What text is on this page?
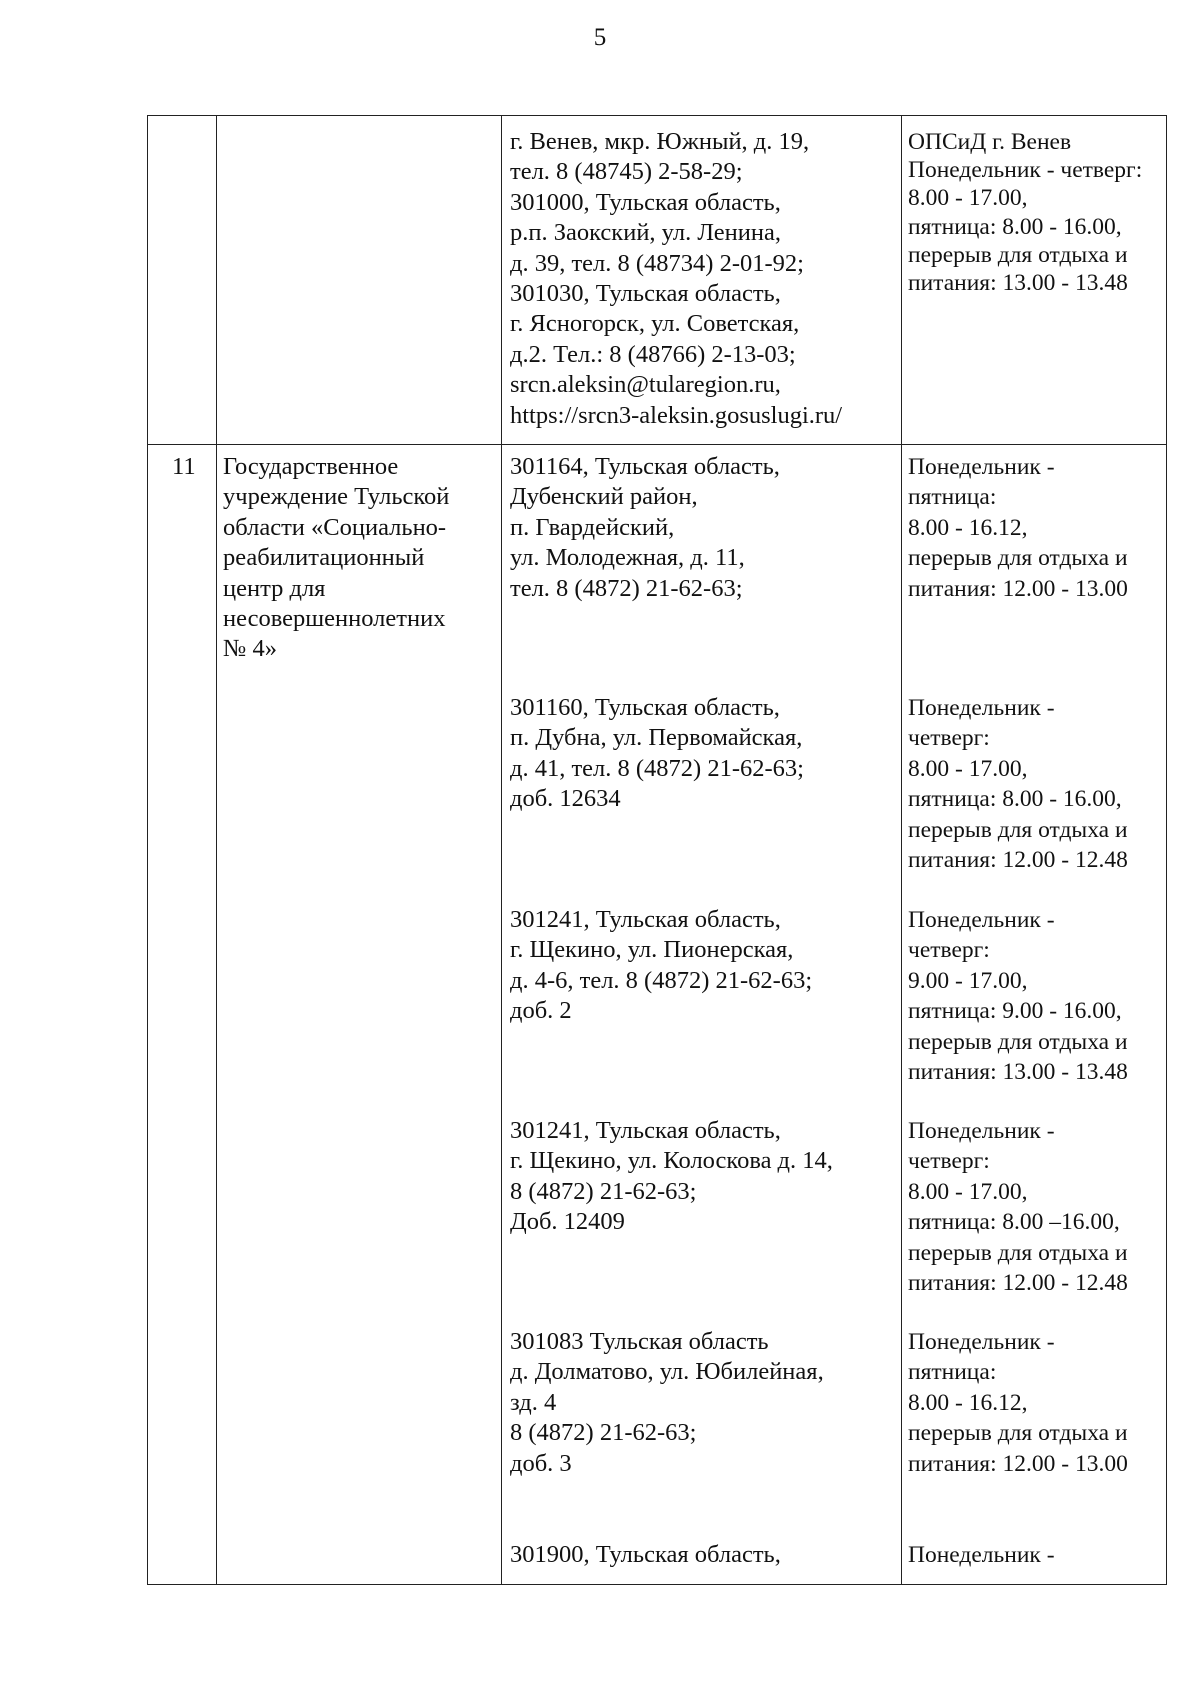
5

г. Венев, мкр. Южный, д. 19,
тел. 8 (48745) 2-58-29;
301000, Тульская область,
р.п. Заокский, ул. Ленина,
д. 39, тел. 8 (48734) 2-01-92;
301030, Тульская область,
г. Ясногорск, ул. Советская,
д.2. Тел.: 8 (48766) 2-13-03;
srcn.aleksin@tularegion.ru,
https://srcn3-aleksin.gosuslugi.ru/

ОПСиД г. Венев
Понедельник - четверг:
8.00 - 17.00,
пятница: 8.00 - 16.00,
перерыв для отдыха и
питания: 13.00 - 13.48

11 Государственное
учреждение Тульской
области «Социально-
реабилитационный
центр для
несовершеннолетних
№ 4»

301164, Тульская область,
Дубенский район,
п. Гвардейский,
ул. Молодежная, д. 11,
тел. 8 (4872) 21-62-63;

Понедельник -
пятница:
8.00 - 16.12,
перерыв для отдыха и
питания: 12.00 - 13.00

301160, Тульская область,
п. Дубна, ул. Первомайская,
д. 41, тел. 8 (4872) 21-62-63;
доб. 12634

Понедельник -
четверг:
8.00 - 17.00,
пятница: 8.00 - 16.00,
перерыв для отдыха и
питания: 12.00 - 12.48

301241, Тульская область,
г. Щекино, ул. Пионерская,
д. 4-6, тел. 8 (4872) 21-62-63;
доб. 2

Понедельник -
четверг:
9.00 - 17.00,
пятница: 9.00 - 16.00,
перерыв для отдыха и
питания: 13.00 - 13.48

301241, Тульская область,
г. Щекино, ул. Колоскова д. 14,
8 (4872) 21-62-63;
Доб. 12409

Понедельник -
четверг:
8.00 - 17.00,
пятница: 8.00 –16.00,
перерыв для отдыха и
питания: 12.00 - 12.48

301083 Тульская область
д. Долматово, ул. Юбилейная,
зд. 4
8 (4872) 21-62-63;
доб. 3

Понедельник -
пятница:
8.00 - 16.12,
перерыв для отдыха и
питания: 12.00 - 13.00

301900, Тульская область,	Понедельник -
